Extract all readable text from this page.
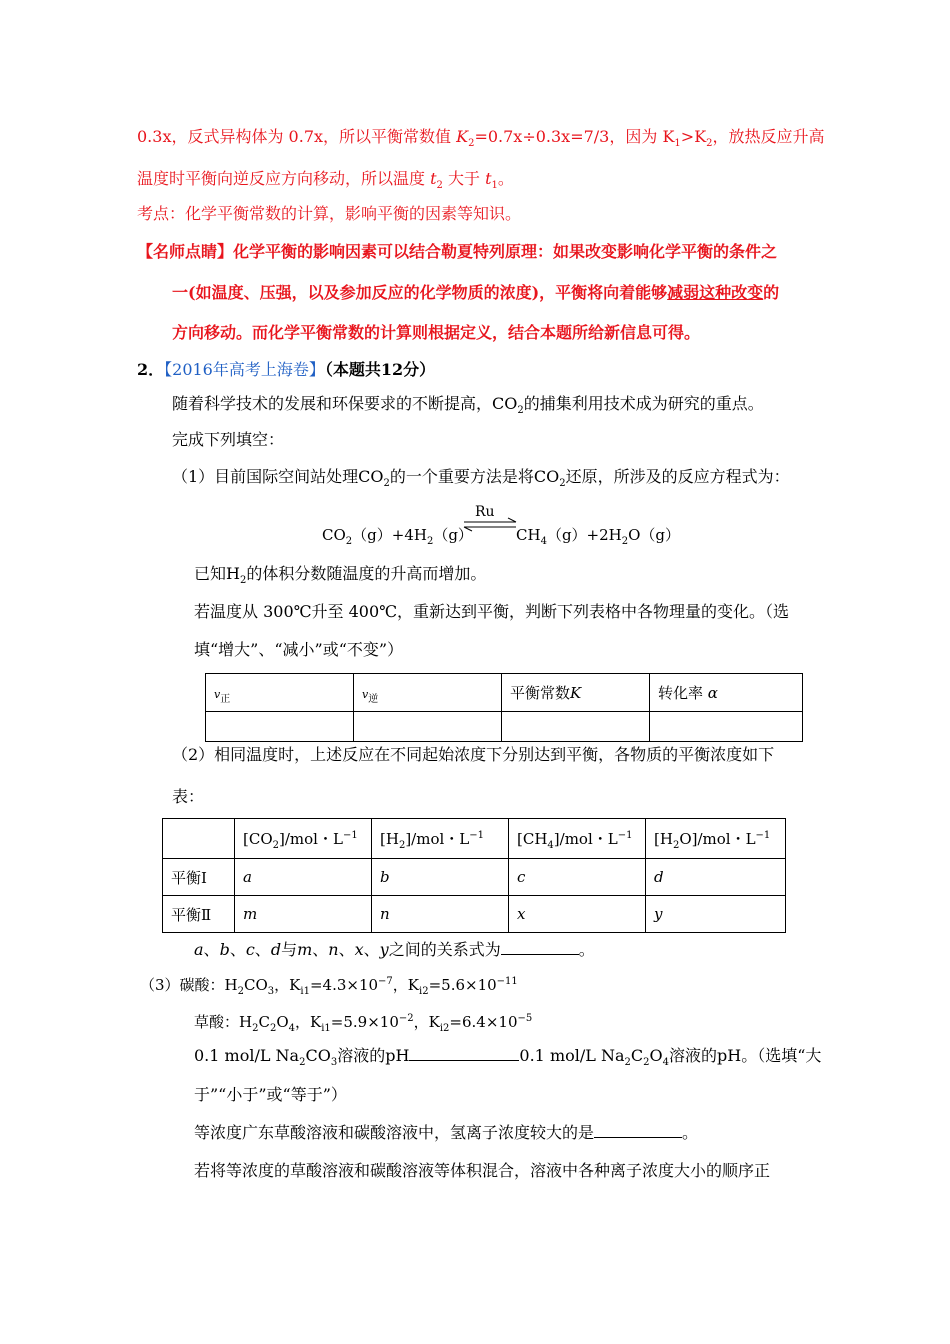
0.3x，反式异构体为 0.7x，所以平衡常数值 $K_2=0.7x\div 0.3x=7/3$，因为 $K_1>K_2$，放热反应升高
温度时平衡向逆反应方向移动，所以温度 $t_2$ 大于 $t_1$。
考点：化学平衡常数的计算，影响平衡的因素等知识。
【名师点睛】化学平衡的影响因素可以结合勒夏特列原理：如果改变影响化学平衡的条件之
一(如温度、压强，以及参加反应的化学物质的浓度)，平衡将向着能够减弱这种改变的
方向移动。而化学平衡常数的计算则根据定义，结合本题所给新信息可得。
2．【2016年高考上海卷】（本题共12分）
随着科学技术的发展和环保要求的不断提高，$CO_2$的捕集利用技术成为研究的重点。
完成下列填空：
（1）目前国际空间站处理$CO_2$的一个重要方法是将$CO_2$还原，所涉及的反应方程式为：
$CO_2(g)+4H_2(g)$
Ru
$CH_4(g)+2H_2O(g)$
已知$H_2$的体积分数随温度的升高而增加。
若温度从 300℃升至 400℃，重新达到平衡，判断下列表格中各物理量的变化。（选
填“增大”、“减小”或“不变”）
$v_正$	$v_逆$	平衡常数K	转化率 α

（2）相同温度时，上述反应在不同起始浓度下分别达到平衡，各物质的平衡浓度如下
表：
	$[CO_2]$/mol・$L^{-1}$	$[H_2]$/mol・$L^{-1}$	$[CH_4]$/mol・$L^{-1}$	$[H_2O]$/mol・$L^{-1}$
平衡Ⅰ	a	b	c	d
平衡Ⅱ	m	n	x	y
a、b、c、d与m、n、x、y之间的关系式为	。
（3）碳酸：$H_2CO_3$，$K_{i1}=4.3\times 10^{-7}$，$K_{i2}=5.6\times 10^{-11}$
草酸：$H_2C_2O_4$，$K_{i1}=5.9\times 10^{-2}$，$K_{i2}=6.4\times 10^{-5}$
0.1 mol/L $Na_2CO_3$溶液的pH	0.1 mol/L $Na_2C_2O_4$溶液的pH。（选填“大
于”“小于”或“等于”）
等浓度广东草酸溶液和碳酸溶液中，氢离子浓度较大的是	。
若将等浓度的草酸溶液和碳酸溶液等体积混合，溶液中各种离子浓度大小的顺序正
